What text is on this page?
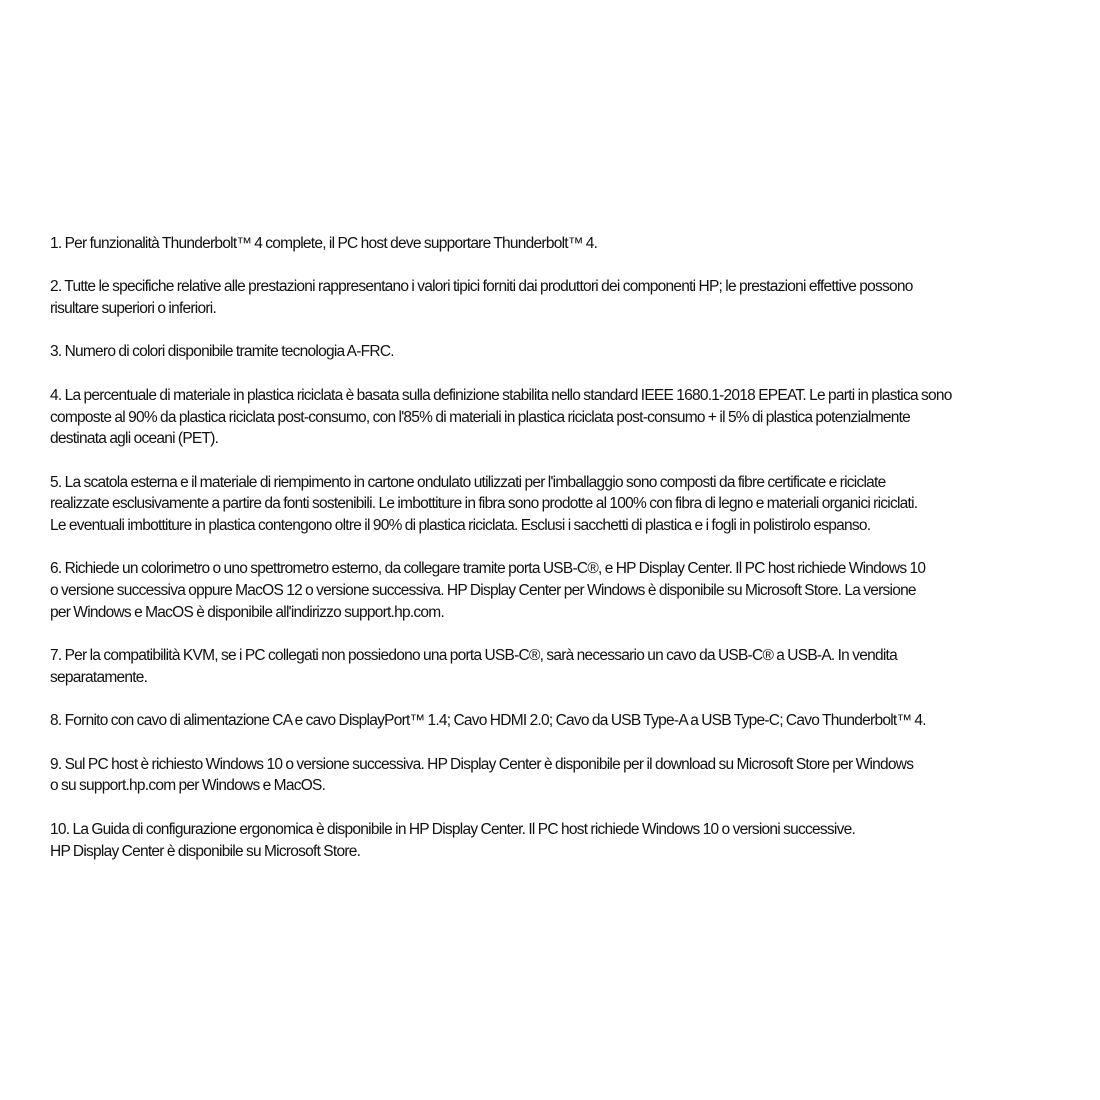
1. Per funzionalità Thunderbolt™ 4 complete, il PC host deve supportare Thunderbolt™ 4.
2. Tutte le specifiche relative alle prestazioni rappresentano i valori tipici forniti dai produttori dei componenti HP; le prestazioni effettive possono
risultare superiori o inferiori.
3. Numero di colori disponibile tramite tecnologia A-FRC.
4. La percentuale di materiale in plastica riciclata è basata sulla definizione stabilita nello standard IEEE 1680.1-2018 EPEAT. Le parti in plastica sono
composte al 90% da plastica riciclata post-consumo, con l'85% di materiali in plastica riciclata post-consumo + il 5% di plastica potenzialmente
destinata agli oceani (PET).
5. La scatola esterna e il materiale di riempimento in cartone ondulato utilizzati per l'imballaggio sono composti da fibre certificate e riciclate
realizzate esclusivamente a partire da fonti sostenibili. Le imbottiture in fibra sono prodotte al 100% con fibra di legno e materiali organici riciclati.
Le eventuali imbottiture in plastica contengono oltre il 90% di plastica riciclata. Esclusi i sacchetti di plastica e i fogli in polistirolo espanso.
6. Richiede un colorimetro o uno spettrometro esterno, da collegare tramite porta USB-C®, e HP Display Center. Il PC host richiede Windows 10
o versione successiva oppure MacOS 12 o versione successiva. HP Display Center per Windows è disponibile su Microsoft Store. La versione
per Windows e MacOS è disponibile all'indirizzo support.hp.com.
7. Per la compatibilità KVM, se i PC collegati non possiedono una porta USB-C®, sarà necessario un cavo da USB-C® a USB-A. In vendita
separatamente.
8. Fornito con cavo di alimentazione CA e cavo DisplayPort™ 1.4; Cavo HDMI 2.0; Cavo da USB Type-A a USB Type-C; Cavo Thunderbolt™ 4.
9. Sul PC host è richiesto Windows 10 o versione successiva. HP Display Center è disponibile per il download su Microsoft Store per Windows
o su support.hp.com per Windows e MacOS.
10. La Guida di configurazione ergonomica è disponibile in HP Display Center. Il PC host richiede Windows 10 o versioni successive.
HP Display Center è disponibile su Microsoft Store.
